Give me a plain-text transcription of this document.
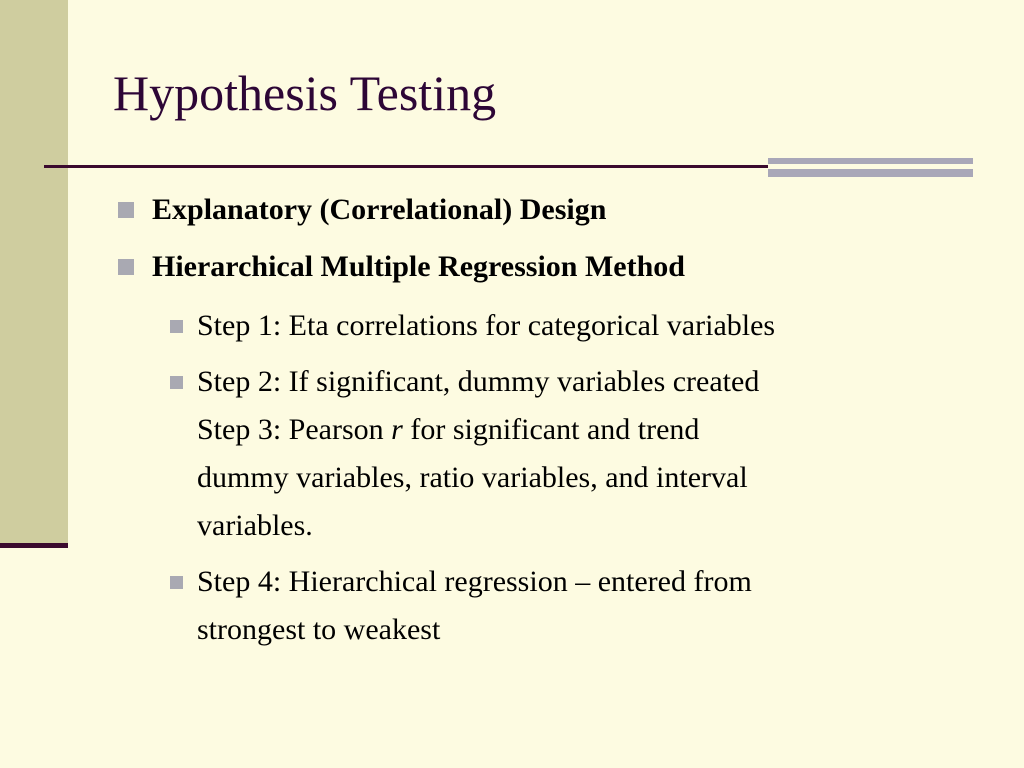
Hypothesis Testing
Explanatory (Correlational) Design
Hierarchical Multiple Regression Method
Step 1: Eta correlations for categorical variables
Step 2: If significant, dummy variables created
Step 3: Pearson r for significant and trend
dummy variables, ratio variables, and interval
variables.
Step 4: Hierarchical regression – entered from
strongest to weakest
